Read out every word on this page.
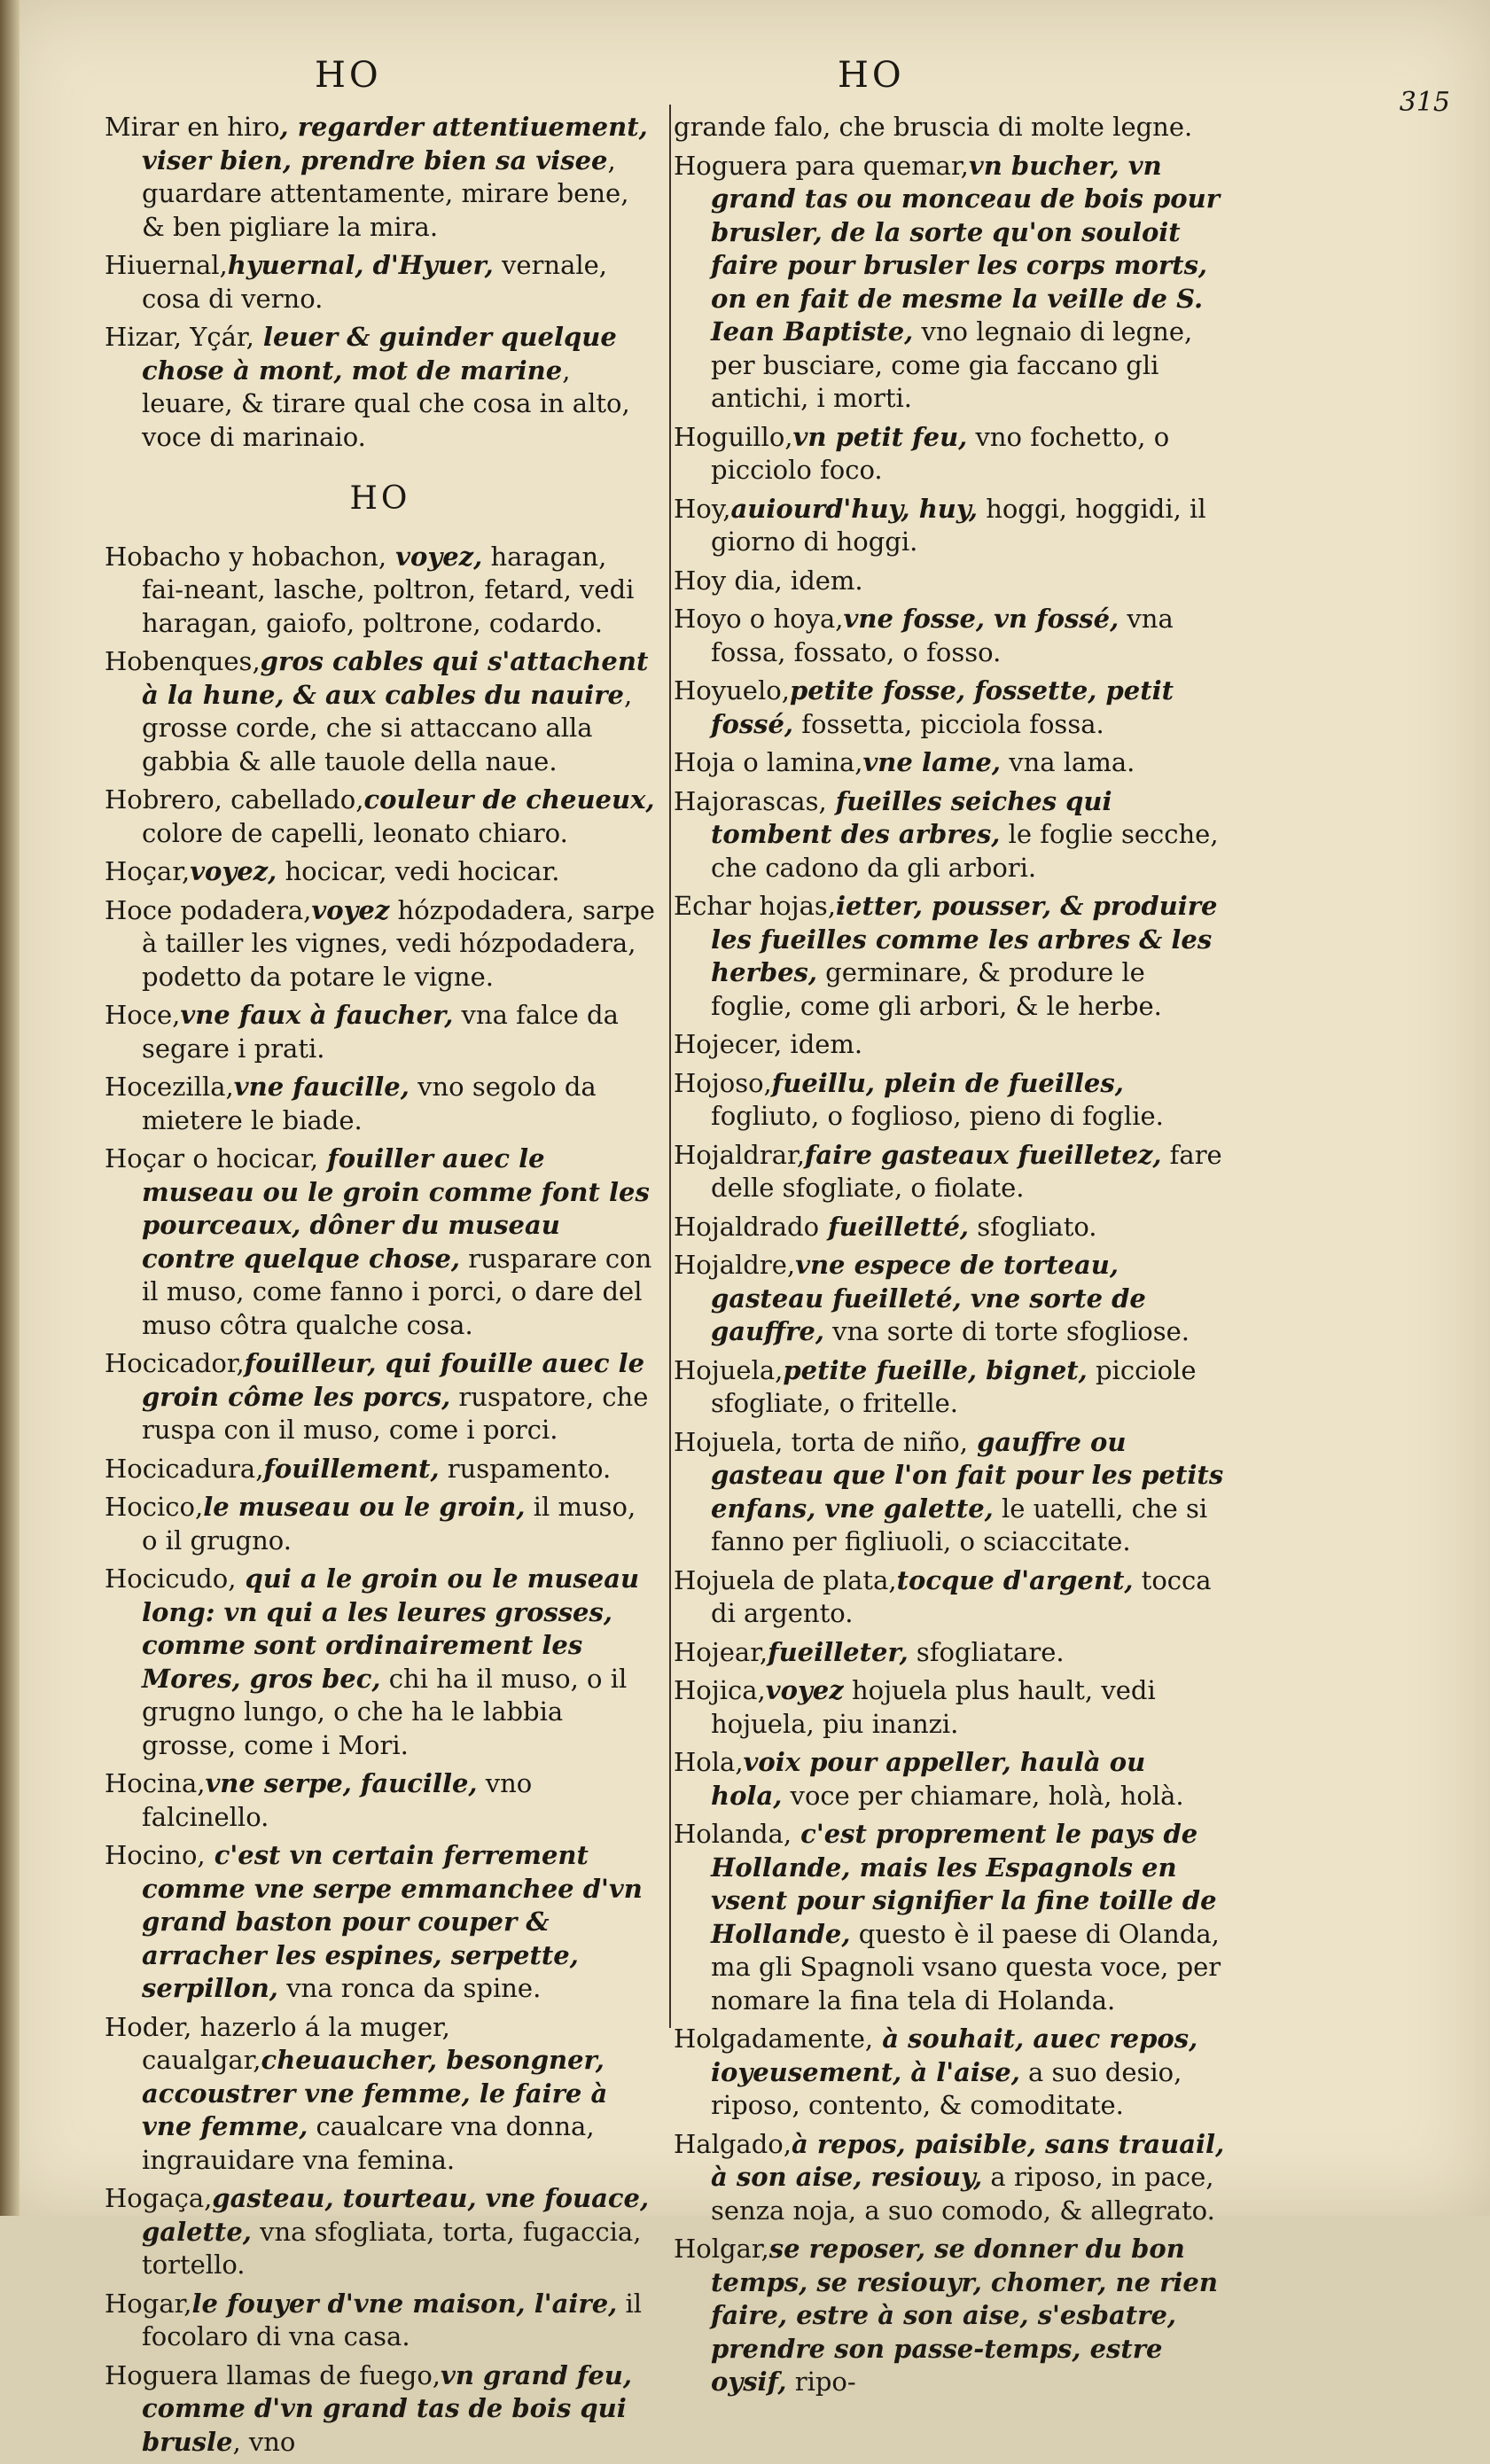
HO	HO
315
Mirar en hiro, regarder attentiuement, viser bien, prendre bien sa visee, guardare attentamente, mirare bene, & ben pigliare la mira.
Hiuernal,hyuernal, d'Hyuer, vernale, cosa di verno.
Hizar, Yçár, leuer & guinder quelque chose à mont, mot de marine, leuare, & tirare qual che cosa in alto, voce di marinaio.
HO
Hobacho y hobachon, voyez, haragan, fai-neant, lasche, poltron, fetard, vedi haragan, gaiofo, poltrone, codardo.
Hobenques,gros cables qui s'attachent à la hune, & aux cables du nauire, grosse corde, che si attaccano alla gabbia & alle tauole della naue.
Hobrero, cabellado,couleur de cheueux, colore de capelli, leonato chiaro.
Hoçar,voyez, hocicar, vedi hocicar.
Hoce podadera,voyez hózpodadera, sarpe à tailler les vignes, vedi hózpodadera, podetto da potare le vigne.
Hoce,vne faux à faucher, vna falce da segare i prati.
Hocezilla,vne faucille, vno segolo da mietere le biade.
Hoçar o hocicar, fouiller auec le museau ou le groin comme font les pourceaux, dôner du museau contre quelque chose, rusparare con il muso, come fanno i porci, o dare del muso côtra qualche cosa.
Hocicador,fouilleur, qui fouille auec le groin côme les porcs, ruspatore, che ruspa con il muso, come i porci.
Hocicadura,fouillement, ruspamento.
Hocico,le museau ou le groin, il muso, o il grugno.
Hocicudo, qui a le groin ou le museau long: vn qui a les leures grosses, comme sont ordinairement les Mores, gros bec, chi ha il muso, o il grugno lungo, o che ha le labbia grosse, come i Mori.
Hocina,vne serpe, faucille, vno falcinello.
Hocino, c'est vn certain ferrement comme vne serpe emmanchee d'vn grand baston pour couper & arracher les espines, serpette, serpillon, vna ronca da spine.
Hoder, hazerlo á la muger, caualgar,cheuaucher, besongner, accoustrer vne femme, le faire à vne femme, caualcare vna donna, ingrauidare vna femina.
Hogaça,gasteau, tourteau, vne fouace, galette, vna sfogliata, torta, fugaccia, tortello.
Hogar,le fouyer d'vne maison, l'aire, il focolaro di vna casa.
Hoguera llamas de fuego,vn grand feu, comme d'vn grand tas de bois qui brusle, vno
grande falo, che bruscia di molte legne.
Hoguera para quemar,vn bucher, vn grand tas ou monceau de bois pour brusler, de la sorte qu'on souloit faire pour brusler les corps morts, on en fait de mesme la veille de S. Iean Baptiste, vno legnaio di legne, per busciare, come gia faccano gli antichi, i morti.
Hoguillo,vn petit feu, vno fochetto, o picciolo foco.
Hoy,auiourd'huy, huy, hoggi, hoggidi, il giorno di hoggi.
Hoy dia, idem.
Hoyo o hoya,vne fosse, vn fossé, vna fossa, fossato, o fosso.
Hoyuelo,petite fosse, fossette, petit fossé, fossetta, picciola fossa.
Hoja o lamina,vne lame, vna lama.
Hajorascas, fueilles seiches qui tombent des arbres, le foglie secche, che cadono da gli arbori.
Echar hojas,ietter, pousser, & produire les fueilles comme les arbres & les herbes, germinare, & produre le foglie, come gli arbori, & le herbe.
Hojecer, idem.
Hojoso,fueillu, plein de fueilles, fogliuto, o fogliosо, pieno di foglie.
Hojaldrar,faire gasteaux fueilletez, fare delle sfogliate, o fiolate.
Hojaldrado fueilletté, sfogliato.
Hojaldre,vne espece de torteau, gasteau fueilleté, vne sorte de gauffre, vna sorte di torte sfogliose.
Hojuela,petite fueille, bignet, picciole sfogliate, o fritelle.
Hojuela, torta de niño, gauffre ou gasteau que l'on fait pour les petits enfans, vne galette, le uatelli, che si fanno per figliuoli, o sciaccitate.
Hojuela de plata,tocque d'argent, tocca di argento.
Hojear,fueilleter, sfogliatare.
Hojica,voyez hojuela plus hault, vedi hojuela, piu inanzi.
Hola,voix pour appeller, haulà ou hola, voce per chiamare, holà, holà.
Holanda, c'est proprement le pays de Hollande, mais les Espagnols en vsent pour signifier la fine toille de Hollande, questo è il paese di Olanda, ma gli Spagnoli vsano questa voce, per nomare la fina tela di Holanda.
Holgadamente, à souhait, auec repos, ioyeusement, à l'aise, a suo desio, riposo, contento, & comoditate.
Halgado,à repos, paisible, sans trauail, à son aise, resiouy, a riposo, in pace, senza noja, a suo comodo, & allegrato.
Holgar,se reposer, se donner du bon temps, se resiouyr, chomer, ne rien faire, estre à son aise, s'esbatre, prendre son passe-temps, estre oysif, ripo-
